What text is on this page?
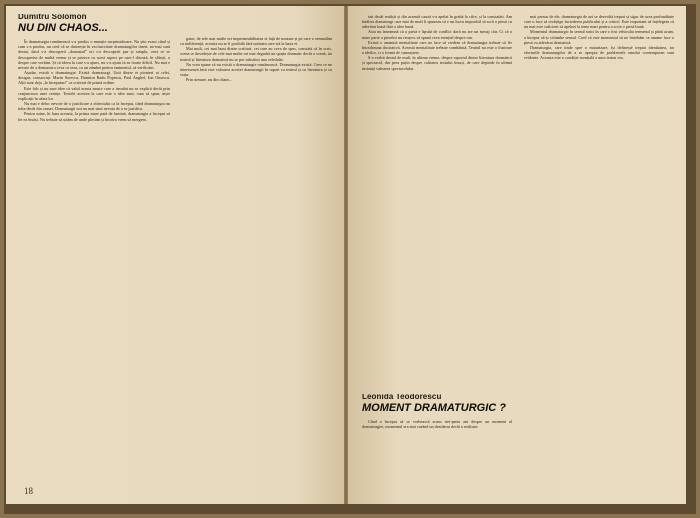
Dumitru Solomon
NU DIN CHAOS...

În dramaturgia românească s-a produs o mutație surprinzătoare. Nu știu exact când și cum s-a produs, nu cred că se datorește în exclusivitate dramaturgilor tineri, no-mai sunt destui, dacă s-a descoperit „dramatul” ori s-a descoperit pur și simplu, ceea ce se descoperise de multă vreme și se petrece cu acest aspect pe care-l discută, în sfârșit, o despre care vorbim. Și că ideea la care s-a ajuns, nu s-a ajuns la ea foarte dificil. Nu mai e nevoie de a demonstra ceva cu teza, ca un zâmbet pentru eminentul, să verificăm.

Așadar, există o dramaturgie. Există dramaturgi. Unii dintre ei pionieri ai celei, desigur, consacrați: Marin Sorescu, Dumitru Radu Popescu, Paul Anghel, Ion Omescu. Alții sunt deja „la începuturi” ca scriitori de primă ordine.

Este fals și nu sunt idee că valul acesta masiv care a invadat nu se explică decât prin conjunctura unei cerințe. Textele acestea la care este o idee sunt, cum să spun, niște explicații în afara lor.

Nu mai e deloc nevoie de o justificare a obiectului ca la început, când dramaturgia nu trăia decât din cazuri. Dramaturgii noi nu mai simt nevoia de a se justifica.

Pentru mine, în luna aceasta, la prima mare pată de lumină, dramaturgia a început să fie ea însăși. Nu trebuie să uităm de unde plecăm și încotro vrem să mergem.

gator, de rele mai multe ori impermeabilitatea ei față de noutate și pe care o semnalăm cu indiferență, aceasta nu ar fi posibilă fără unitatea care stă la baza ei.

Mai mult, cei mai buni dintre scriitori, cei care au ceva de spus, constată că în scris, scena se dovedește de cele mai multe ori mai degrabă un spațiu dramatic decât o scenă, iar teatrul și literatura dramatică nu se pot substitui una celeilalte.

Nu vom spune că nu există o dramaturgie românească. Dramaturgia există. Ceea ce ne interesează însă este valoarea acestei dramaturgii în raport cu teatrul și cu literatura și cu viața.

Prin urmare, nu din chaos...

18

tatt decât realiști și din această cauză s-a apelat în grabă la cifre, și la constatări. Am întâlnit dramaturgi care mai de mult îi spuneau că e un lucru imposibil să scrii o piesă cu adevărat bună fără o idee bună.

Asta nu înseamnă că o piesă e lipsită de conflict dacă nu are un mesaj clar. Ci că o mare parte a pieselor nu reușesc să spună ceva esențial despre om.

Există o anumită mentalitate care ne face să credem că dramaturgia trebuie să fie întotdeauna ilustrativă. Această mentalitate trebuie combătută. Teatrul nu este o ilustrare a ideilor, ci o formă de cunoaștere.

S-a vorbit destul de mult, în ultima vreme, despre raportul dintre literatura dramatică și spectacol, dar prea puțin despre calitatea textului însuși, de care depinde în ultimă instanță valoarea spectacolului.

mai presus de ele, dramaturgia de azi se dezvoltă treptat și sigur de acea profunditate care o face să recâștige încrederea publicului și a criticii. Este important să înțelegem că nu mai este suficient să apelezi la teme mari pentru a scrie o piesă bună.

Momentul dramaturgic în sensul strict în care o fost vehiculat termenul și până acum, a început să-și schimbe sensul. Cred că este momentul să ne întrebăm ce anume face o piesă cu adevărat dramatică.

Dramaturgia, care tinde spre o maturizare, își definește treptat identitatea, iar eforturile dramaturgilor de a se apropia de problemele omului contemporan sunt evidente. Aceasta este o condiție esențială a unui teatru viu.

Leonida Teodorescu
MOMENT DRAMATURGIC ?

Când a început să se vorbească acum trei-patru ani despre un moment al dramaturgiei, momentul era mai curând un deziderat decât o realitate.
